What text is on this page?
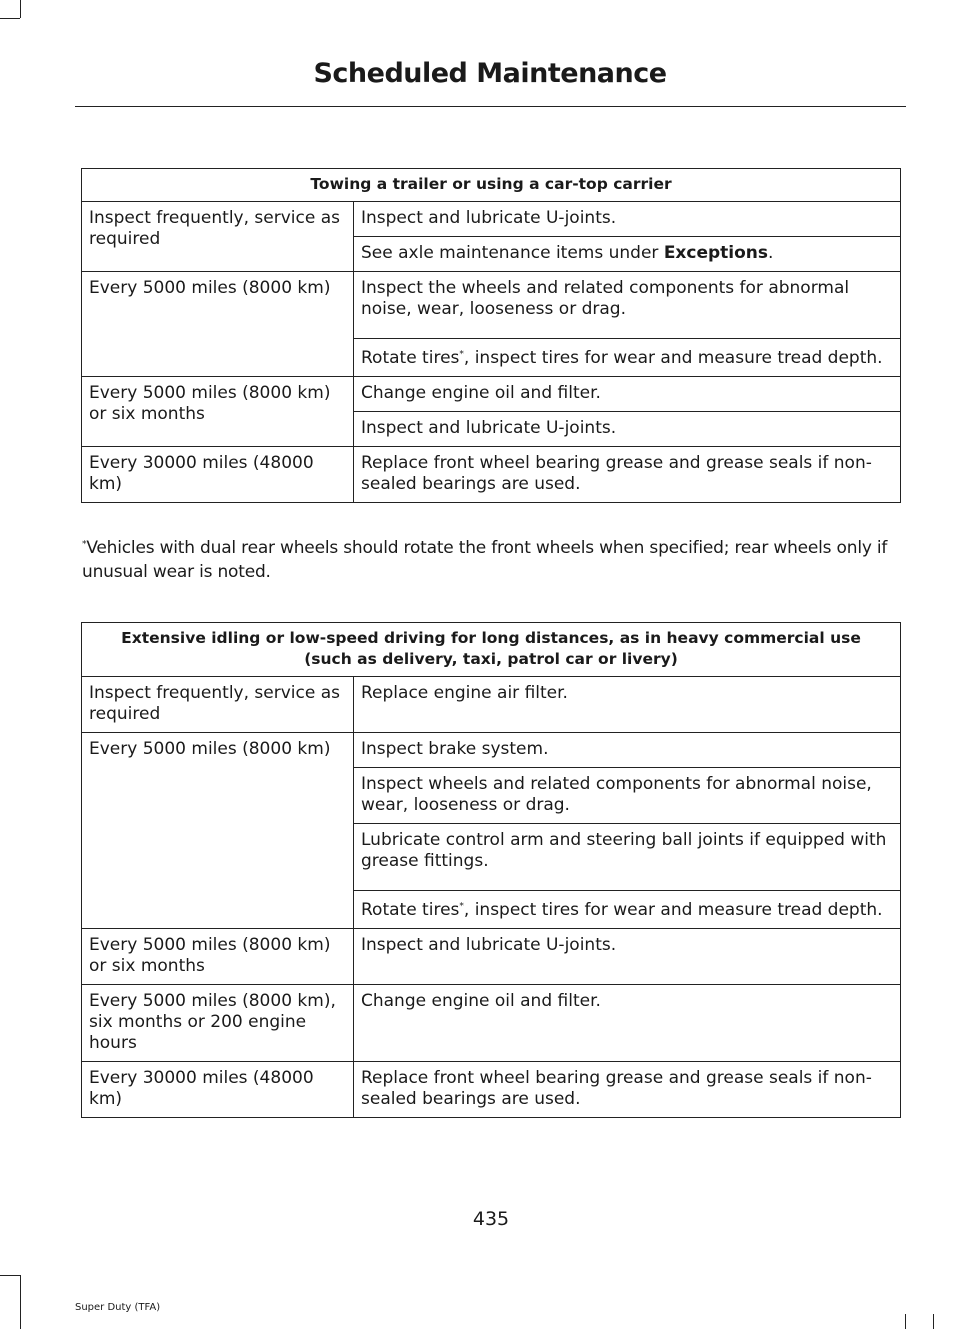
Scheduled Maintenance
Towing a trailer or using a car-top carrier	
Inspect frequently, service as required	Inspect and lubricate U-joints.
	See axle maintenance items under Exceptions.
Every 5000 miles (8000 km)	Inspect the wheels and related components for abnormal noise, wear, looseness or drag.
	Rotate tires*, inspect tires for wear and measure tread depth.
Every 5000 miles (8000 km) or six months	Change engine oil and filter.
	Inspect and lubricate U-joints.
Every 30000 miles (48000 km)	Replace front wheel bearing grease and grease seals if non-sealed bearings are used.
*Vehicles with dual rear wheels should rotate the front wheels when specified; rear wheels only if unusual wear is noted.
Extensive idling or low-speed driving for long distances, as in heavy commercial use (such as delivery, taxi, patrol car or livery)	
Inspect frequently, service as required	Replace engine air filter.
Every 5000 miles (8000 km)	Inspect brake system.
	Inspect wheels and related components for abnormal noise, wear, looseness or drag.
	Lubricate control arm and steering ball joints if equipped with grease fittings.
	Rotate tires*, inspect tires for wear and measure tread depth.
Every 5000 miles (8000 km) or six months	Inspect and lubricate U-joints.
Every 5000 miles (8000 km), six months or 200 engine hours	Change engine oil and filter.
Every 30000 miles (48000 km)	Replace front wheel bearing grease and grease seals if non-sealed bearings are used.
435
Super Duty (TFA)
